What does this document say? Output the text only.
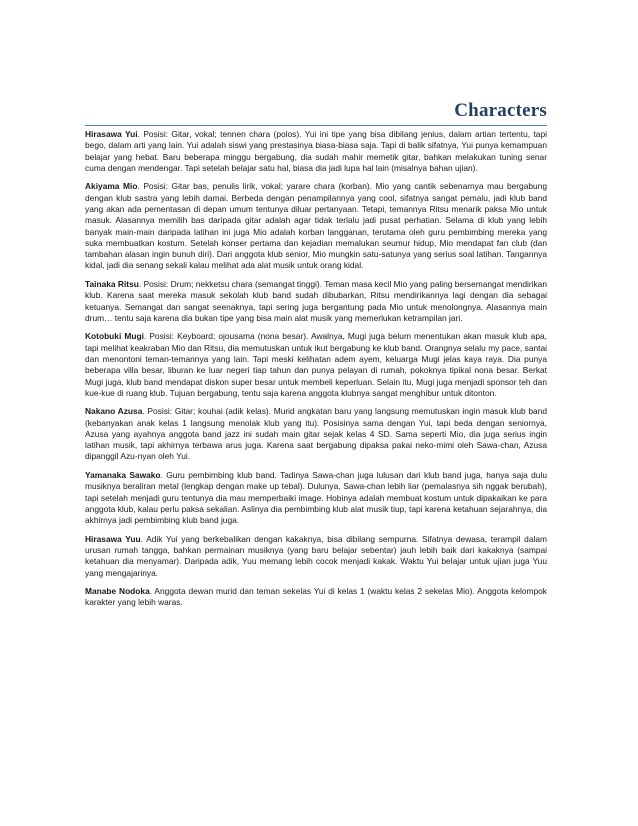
Characters

Hirasawa Yui. Posisi: Gitar, vokal; tennen chara (polos). Yui ini tipe yang bisa dibilang jenius, dalam artian tertentu, tapi bego, dalam arti yang lain. Yui adalah siswi yang prestasinya biasa-biasa saja. Tapi di balik sifatnya, Yui punya kemampuan belajar yang hebat. Baru beberapa minggu bergabung, dia sudah mahir memetik gitar, bahkan melakukan tuning senar cuma dengan mendengar. Tapi setelah belajar satu hal, biasa dia jadi lupa hal lain (misalnya bahan ujian).

Akiyama Mio. Posisi: Gitar bas, penulis lirik, vokal; yarare chara (korban). Mio yang cantik sebenarnya mau bergabung dengan klub sastra yang lebih damai. Berbeda dengan penampilannya yang cool, sifatnya sangat pemalu, jadi klub band yang akan ada pementasan di depan umum tentunya diluar pertanyaan. Tetapi, temannya Ritsu menarik paksa Mio untuk masuk. Alasannya memilih bas daripada gitar adalah agar tidak terlalu jadi pusat perhatian. Selama di klub yang lebih banyak main-main daripada latihan ini juga Mio adalah korban langganan, terutama oleh guru pembimbing mereka yang suka membuatkan kostum. Setelah konser pertama dan kejadian memalukan seumur hidup, Mio mendapat fan club (dan tambahan alasan ingin bunuh diri). Dari anggota klub senior, Mio mungkin satu-satunya yang serius soal latihan. Tangannya kidal, jadi dia senang sekali kalau melihat ada alat musik untuk orang kidal.

Tainaka Ritsu. Posisi: Drum; nekketsu chara (semangat tinggi). Teman masa kecil Mio yang paling bersemangat mendirikan klub. Karena saat mereka masuk sekolah klub band sudah dibubarkan, Ritsu mendirikannya lagi dengan dia sebagai ketuanya. Semangat dan sangat seenaknya, tapi sering juga bergantung pada Mio untuk menolongnya. Alasannya main drum… tentu saja karena dia bukan tipe yang bisa main alat musik yang memerlukan ketrampilan jari.

Kotobuki Mugi. Posisi: Keyboard; ojousama (nona besar). Awalnya, Mugi juga belum menentukan akan masuk klub apa, tapi melihat keakraban Mio dan Ritsu, dia memutuskan untuk ikut bergabung ke klub band. Orangnya selalu my pace, santai dan menontoni teman-temannya yang lain. Tapi meski kelihatan adem ayem, keluarga Mugi jelas kaya raya. Dia punya beberapa villa besar, liburan ke luar negeri tiap tahun dan punya pelayan di rumah, pokoknya tipikal nona besar. Berkat Mugi juga, klub band mendapat diskon super besar untuk membeli keperluan. Selain itu, Mugi juga menjadi sponsor teh dan kue-kue di ruang klub. Tujuan bergabung, tentu saja karena anggota klubnya sangat menghibur untuk ditonton.

Nakano Azusa. Posisi: Gitar; kouhai (adik kelas). Murid angkatan baru yang langsung memutuskan ingin masuk klub band (kebanyakan anak kelas 1 langsung menolak klub yang itu). Posisinya sama dengan Yui, tapi beda dengan seniornya, Azusa yang ayahnya anggota band jazz ini sudah main gitar sejak kelas 4 SD. Sama seperti Mio, dia juga serius ingin latihan musik, tapi akhirnya terbawa arus juga. Karena saat bergabung dipaksa pakai neko-mimi oleh Sawa-chan, Azusa dipanggil Azu-nyan oleh Yui.

Yamanaka Sawako. Guru pembimbing klub band. Tadinya Sawa-chan juga lulusan dari klub band juga, hanya saja dulu musiknya beraliran metal (lengkap dengan make up tebal). Dulunya, Sawa-chan lebih liar (pemalasnya sih nggak berubah), tapi setelah menjadi guru tentunya dia mau memperbaiki image. Hobinya adalah membuat kostum untuk dipakaikan ke para anggota klub, kalau perlu paksa sekalian. Aslinya dia pembimbing klub alat musik tiup, tapi karena ketahuan sejarahnya, dia akhirnya jadi pembimbing klub band juga.

Hirasawa Yuu. Adik Yui yang berkebalikan dengan kakaknya, bisa dibilang sempurna. Sifatnya dewasa, terampil dalam urusan rumah tangga, bahkan permainan musiknya (yang baru belajar sebentar) jauh lebih baik dari kakaknya (sampai ketahuan dia menyamar). Daripada adik, Yuu memang lebih cocok menjadi kakak. Waktu Yui belajar untuk ujian juga Yuu yang mengajarinya.

Manabe Nodoka. Anggota dewan murid dan teman sekelas Yui di kelas 1 (waktu kelas 2 sekelas Mio). Anggota kelompok karakter yang lebih waras.
